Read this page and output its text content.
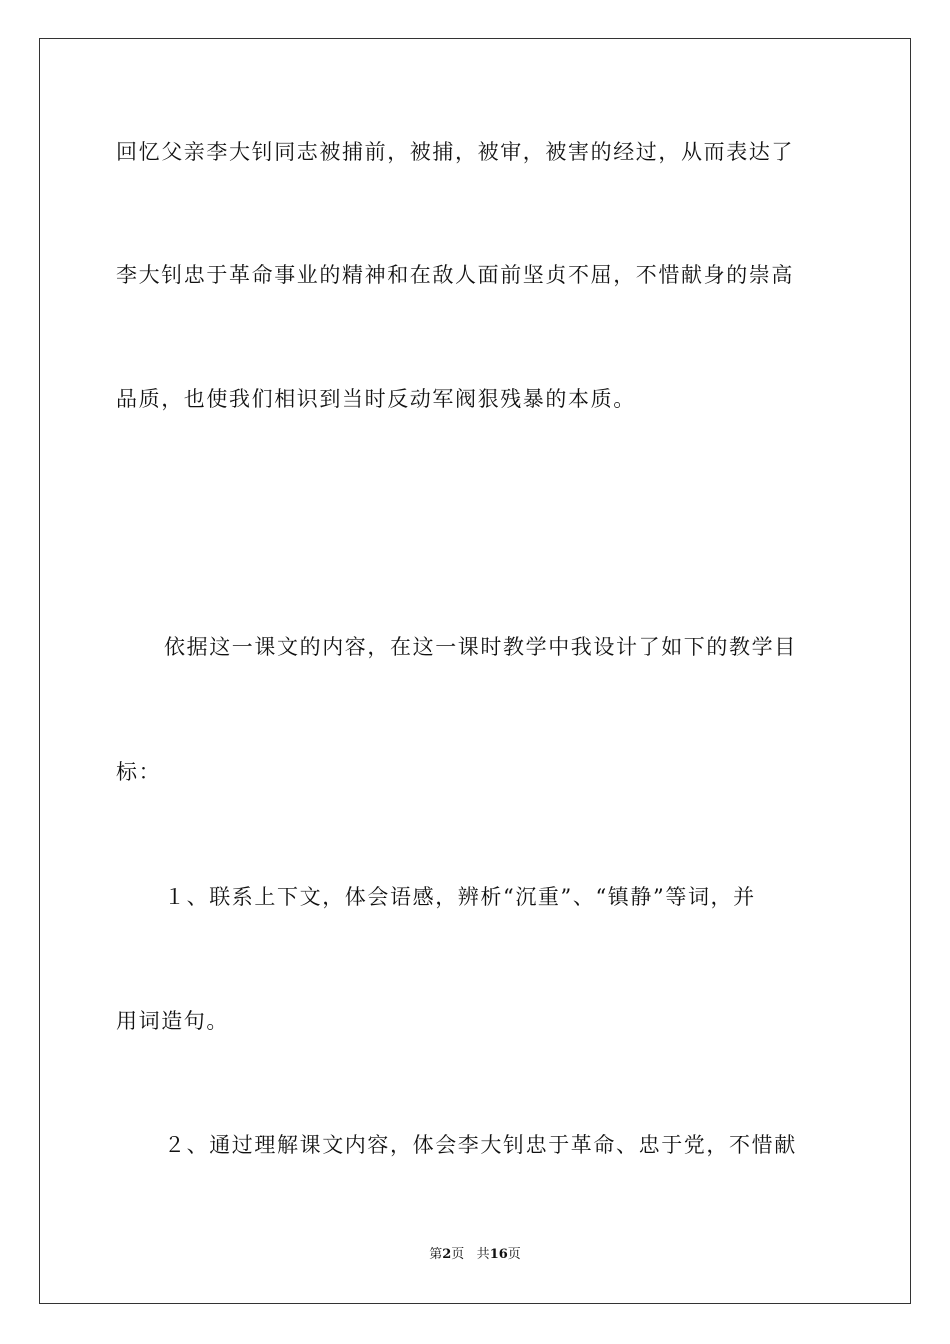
回忆父亲李大钊同志被捕前，被捕，被审，被害的经过，从而表达了
李大钊忠于革命事业的精神和在敌人面前坚贞不屈，不惜献身的崇高
品质，也使我们相识到当时反动军阀狠残暴的本质。
依据这一课文的内容，在这一课时教学中我设计了如下的教学目
标：
１、联系上下文，体会语感，辨析“沉重”、“镇静”等词，并
用词造句。
２、通过理解课文内容，体会李大钊忠于革命、忠于党，不惜献
第2页 共16页
